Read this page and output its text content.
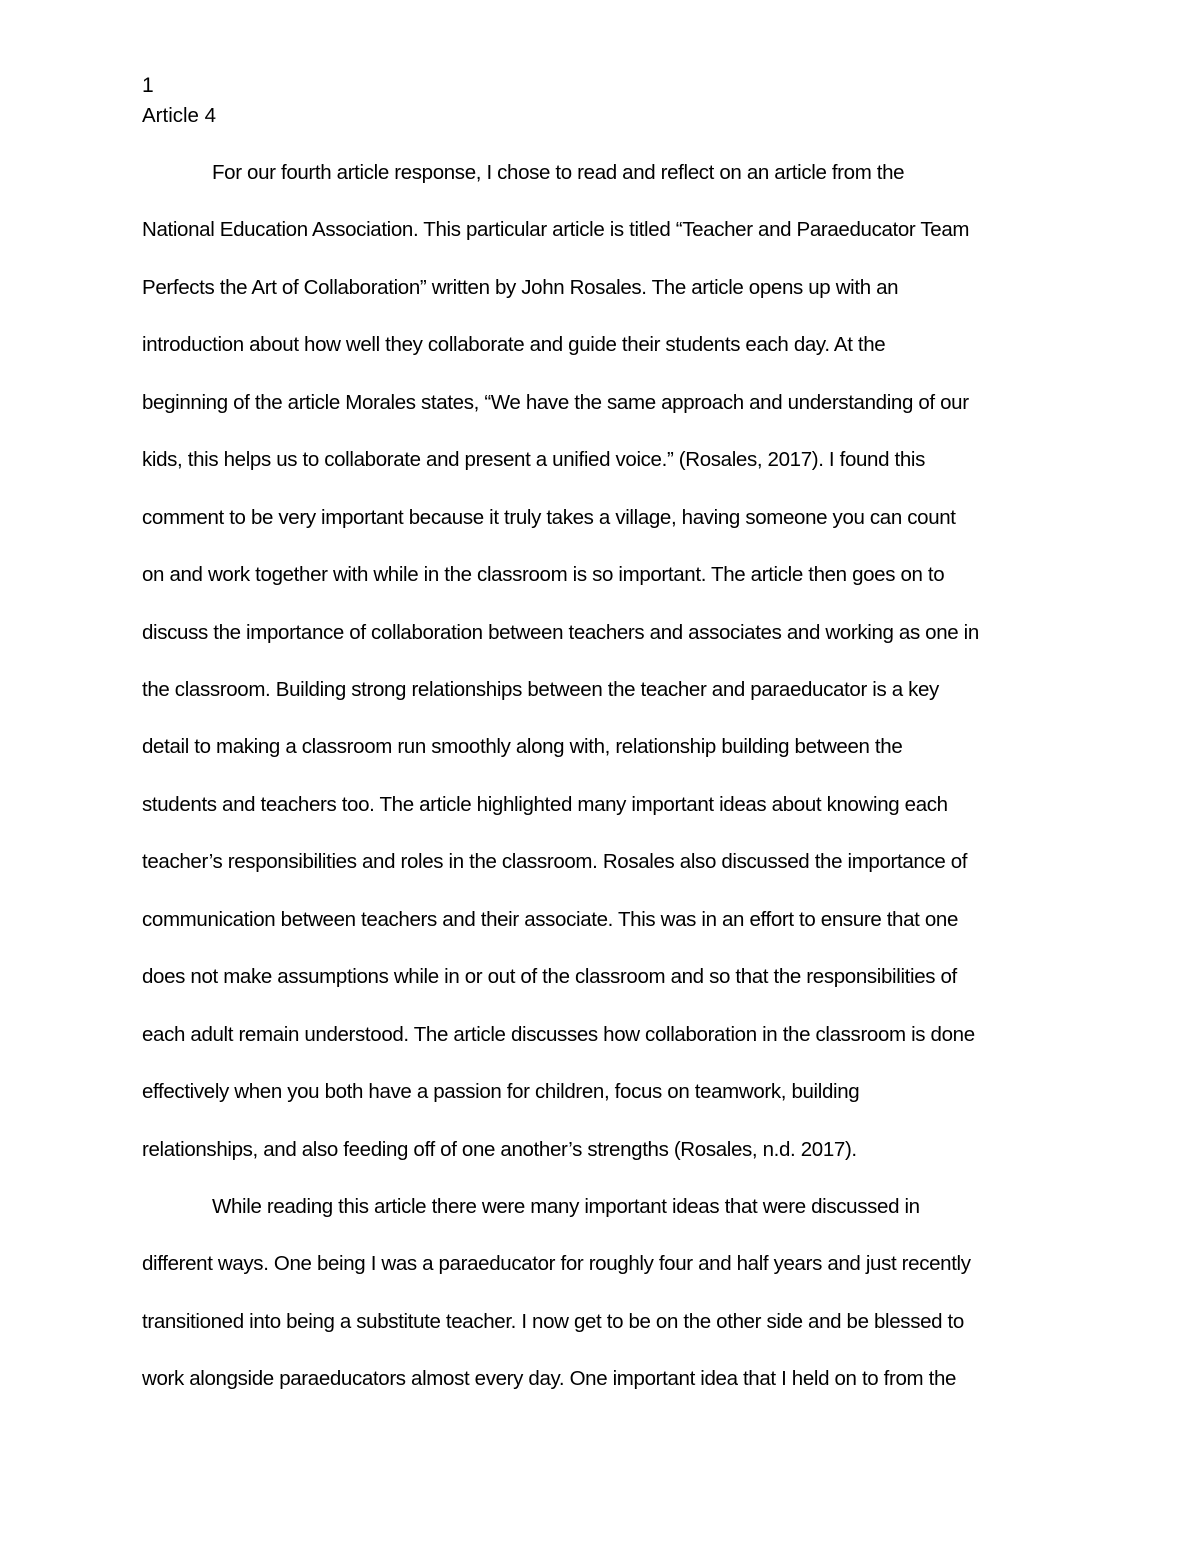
1
Article 4
For our fourth article response, I chose to read and reflect on an article from the
National Education Association. This particular article is titled “Teacher and Paraeducator Team
Perfects the Art of Collaboration” written by John Rosales. The article opens up with an
introduction about how well they collaborate and guide their students each day. At the
beginning of the article Morales states, “We have the same approach and understanding of our
kids, this helps us to collaborate and present a unified voice.” (Rosales, 2017). I found this
comment to be very important because it truly takes a village, having someone you can count
on and work together with while in the classroom is so important. The article then goes on to
discuss the importance of collaboration between teachers and associates and working as one in
the classroom. Building strong relationships between the teacher and paraeducator is a key
detail to making a classroom run smoothly along with, relationship building between the
students and teachers too. The article highlighted many important ideas about knowing each
teacher’s responsibilities and roles in the classroom. Rosales also discussed the importance of
communication between teachers and their associate. This was in an effort to ensure that one
does not make assumptions while in or out of the classroom and so that the responsibilities of
each adult remain understood. The article discusses how collaboration in the classroom is done
effectively when you both have a passion for children, focus on teamwork, building
relationships, and also feeding off of one another’s strengths (Rosales, n.d. 2017).
While reading this article there were many important ideas that were discussed in
different ways. One being I was a paraeducator for roughly four and half years and just recently
transitioned into being a substitute teacher. I now get to be on the other side and be blessed to
work alongside paraeducators almost every day. One important idea that I held on to from the
